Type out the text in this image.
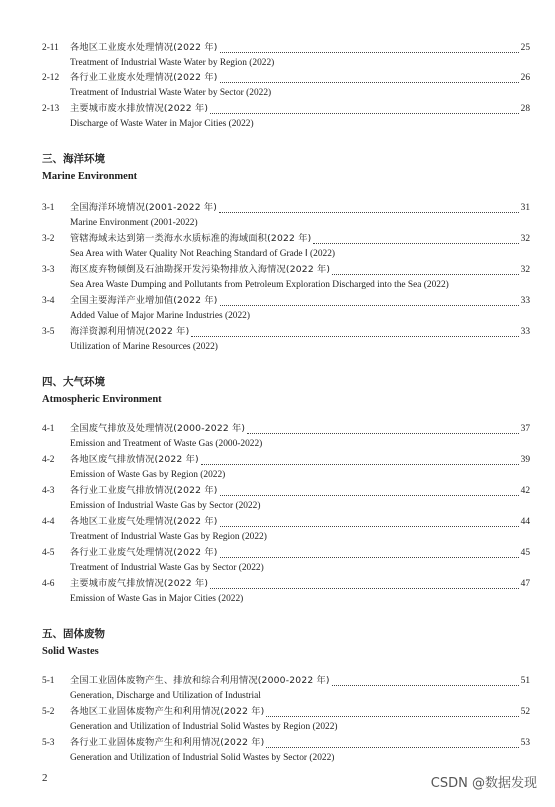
2-11	各地区工业废水处理情况(2022 年)	25
Treatment of Industrial Waste Water by Region (2022)
2-12	各行业工业废水处理情况(2022 年)	26
Treatment of Industrial Waste Water by Sector (2022)
2-13	主要城市废水排放情况(2022 年)	28
Discharge of Waste Water in Major Cities (2022)
三、海洋环境
Marine Environment
3-1	全国海洋环境情况(2001-2022 年)	31
Marine Environment (2001-2022)
3-2	管辖海域未达到第一类海水水质标准的海域面积(2022 年)	32
Sea Area with Water Quality Not Reaching Standard of Grade Ⅰ (2022)
3-3	海区废弃物倾倒及石油勘探开发污染物排放入海情况(2022 年)	32
Sea Area Waste Dumping and Pollutants from Petroleum Exploration Discharged into the Sea (2022)
3-4	全国主要海洋产业增加值(2022 年)	33
Added Value of Major Marine Industries (2022)
3-5	海洋资源利用情况(2022 年)	33
Utilization of Marine Resources (2022)
四、大气环境
Atmospheric Environment
4-1	全国废气排放及处理情况(2000-2022 年)	37
Emission and Treatment of Waste Gas (2000-2022)
4-2	各地区废气排放情况(2022 年)	39
Emission of Waste Gas by Region (2022)
4-3	各行业工业废气排放情况(2022 年)	42
Emission of Industrial Waste Gas by Sector (2022)
4-4	各地区工业废气处理情况(2022 年)	44
Treatment of Industrial Waste Gas by Region (2022)
4-5	各行业工业废气处理情况(2022 年)	45
Treatment of Industrial Waste Gas by Sector (2022)
4-6	主要城市废气排放情况(2022 年)	47
Emission of Waste Gas in Major Cities (2022)
五、固体废物
Solid Wastes
5-1	全国工业固体废物产生、排放和综合利用情况(2000-2022 年)	51
Generation, Discharge and Utilization of Industrial
5-2	各地区工业固体废物产生和利用情况(2022 年)	52
Generation and Utilization of Industrial Solid Wastes by Region (2022)
5-3	各行业工业固体废物产生和利用情况(2022 年)	53
Generation and Utilization of Industrial Solid Wastes by Sector (2022)
2	CSDN @数据发现
